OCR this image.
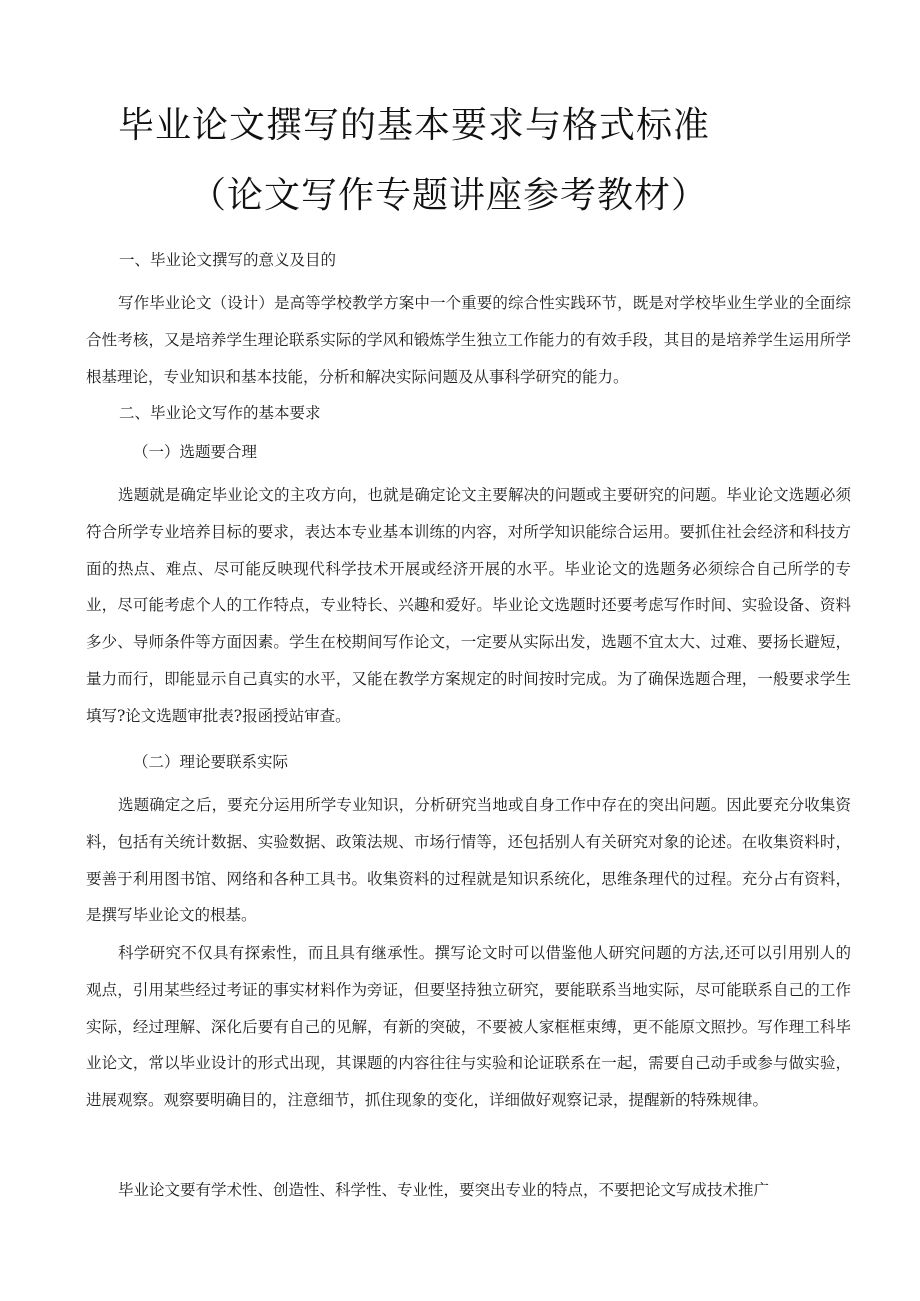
毕业论文撰写的基本要求与格式标准
（论文写作专题讲座参考教材）

一、毕业论文撰写的意义及目的

写作毕业论文（设计）是高等学校教学方案中一个重要的综合性实践环节，既是对学校毕业生学业的全面综合性考核，又是培养学生理论联系实际的学风和锻炼学生独立工作能力的有效手段，其目的是培养学生运用所学根基理论，专业知识和基本技能，分析和解决实际问题及从事科学研究的能力。

二、毕业论文写作的基本要求

（一）选题要合理

选题就是确定毕业论文的主攻方向，也就是确定论文主要解决的问题或主要研究的问题。毕业论文选题必须符合所学专业培养目标的要求，表达本专业基本训练的内容，对所学知识能综合运用。要抓住社会经济和科技方面的热点、难点、尽可能反映现代科学技术开展或经济开展的水平。毕业论文的选题务必须综合自己所学的专业，尽可能考虑个人的工作特点，专业特长、兴趣和爱好。毕业论文选题时还要考虑写作时间、实验设备、资料多少、导师条件等方面因素。学生在校期间写作论文，一定要从实际出发，选题不宜太大、过难、要扬长避短，量力而行，即能显示自己真实的水平，又能在教学方案规定的时间按时完成。为了确保选题合理，一般要求学生填写?论文选题审批表?报函授站审查。

（二）理论要联系实际

选题确定之后，要充分运用所学专业知识，分析研究当地或自身工作中存在的突出问题。因此要充分收集资料，包括有关统计数据、实验数据、政策法规、市场行情等，还包括别人有关研究对象的论述。在收集资料时，要善于利用图书馆、网络和各种工具书。收集资料的过程就是知识系统化，思维条理代的过程。充分占有资料，是撰写毕业论文的根基。

科学研究不仅具有探索性，而且具有继承性。撰写论文时可以借鉴他人研究问题的方法,还可以引用别人的观点，引用某些经过考证的事实材料作为旁证，但要坚持独立研究，要能联系当地实际，尽可能联系自己的工作实际，经过理解、深化后要有自己的见解，有新的突破，不要被人家框框束缚，更不能原文照抄。写作理工科毕业论文，常以毕业设计的形式出现，其课题的内容往往与实验和论证联系在一起，需要自己动手或参与做实验，进展观察。观察要明确目的，注意细节，抓住现象的变化，详细做好观察记录，提醒新的特殊规律。

毕业论文要有学术性、创造性、科学性、专业性，要突出专业的特点，不要把论文写成技术推广
